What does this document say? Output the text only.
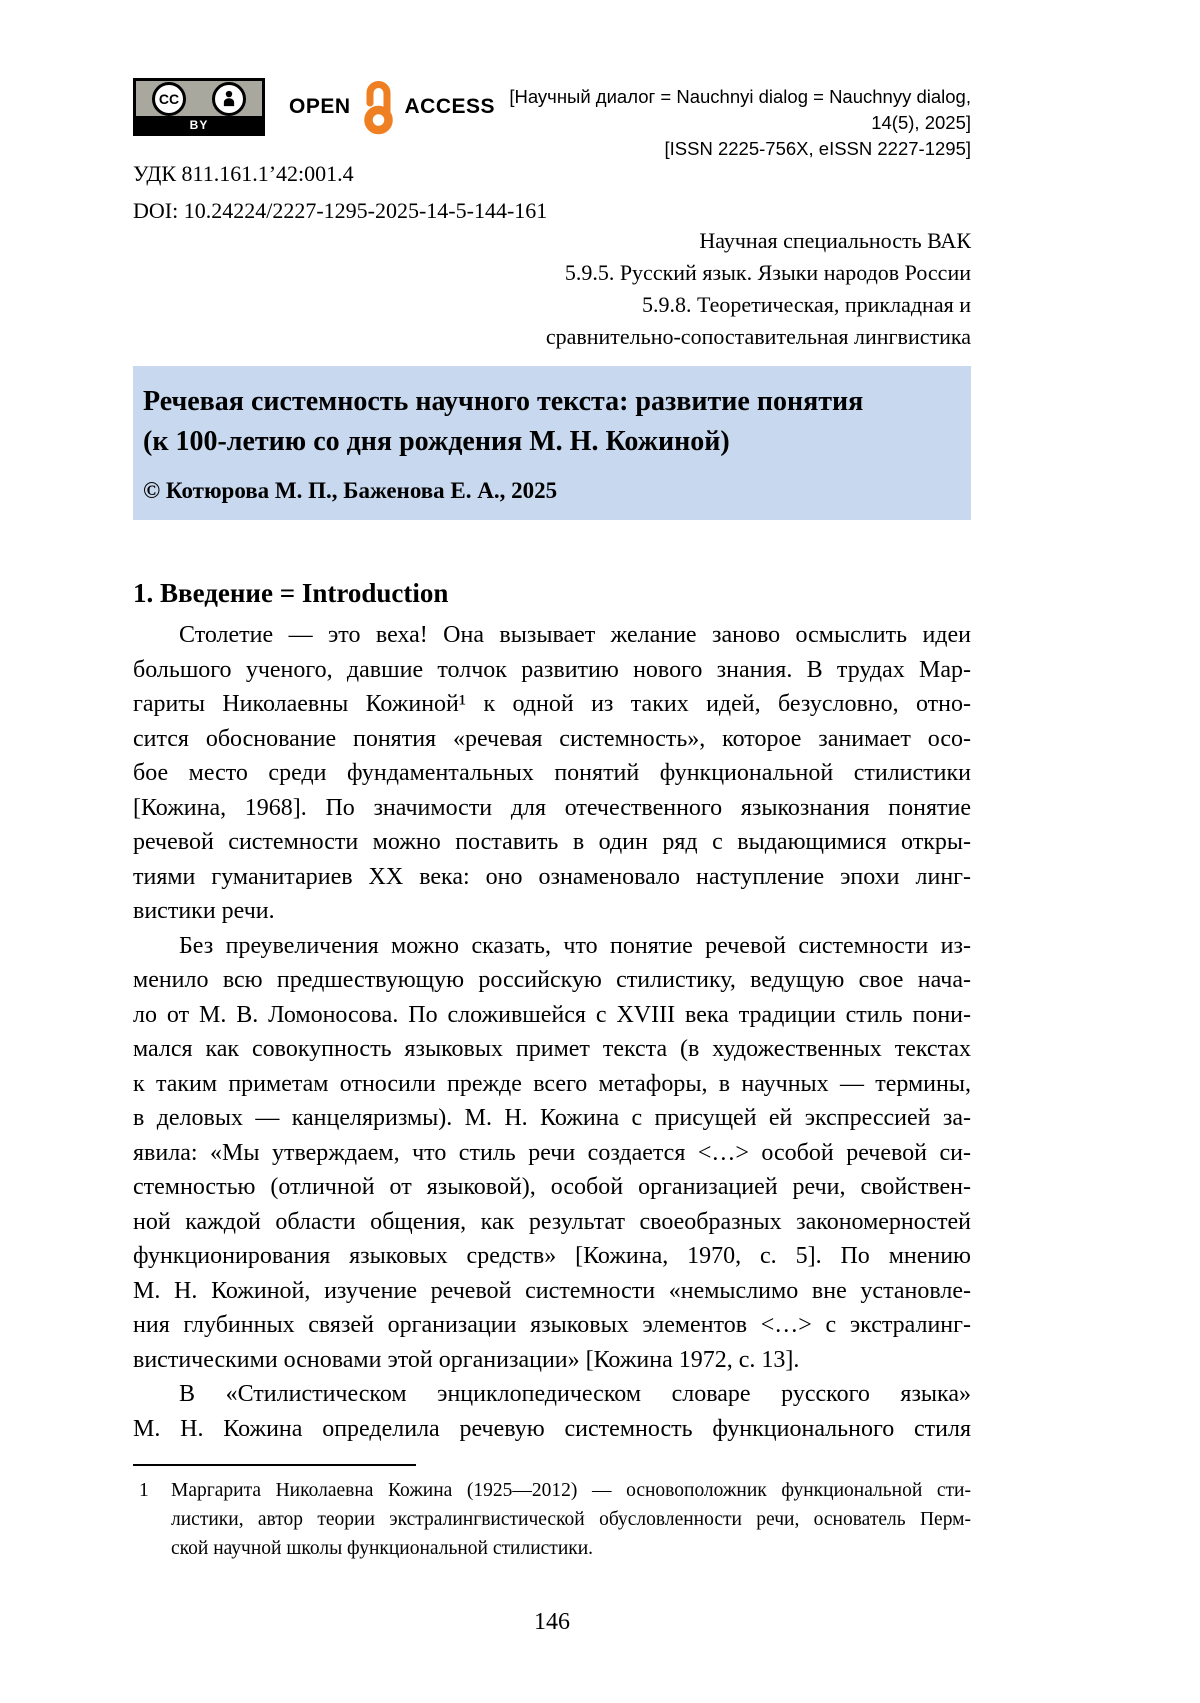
CC
BY
OPEN	ACCESS [Научный диалог = Nauchnyi dialog = Nauchnyy dialog, 14(5), 2025]
[ISSN 2225-756X, eISSN 2227-1295]
УДК 811.161.1’42:001.4
DOI: 10.24224/2227-1295-2025-14-5-144-161
Научная специальность ВАК
5.9.5. Русский язык. Языки народов России
5.9.8. Теоретическая, прикладная и
сравнительно-сопоставительная лингвистика
Речевая системность научного текста: развитие понятия
(к 100-летию со дня рождения М. Н. Кожиной)
© Котюрова М. П., Баженова Е. А., 2025
1. Введение = Introduction
Столетие — это веха! Она вызывает желание заново осмыслить идеи
большого ученого, давшие толчок развитию нового знания. В трудах Мар-
гариты Николаевны Кожиной¹ к одной из таких идей, безусловно, отно-
сится обоснование понятия «речевая системность», которое занимает осо-
бое место среди фундаментальных понятий функциональной стилистики
[Кожина, 1968]. По значимости для отечественного языкознания понятие
речевой системности можно поставить в один ряд с выдающимися откры-
тиями гуманитариев XX века: оно ознаменовало наступление эпохи линг-
вистики речи.
Без преувеличения можно сказать, что понятие речевой системности из-
менило всю предшествующую российскую стилистику, ведущую свое нача-
ло от М. В. Ломоносова. По сложившейся с XVIII века традиции стиль пони-
мался как совокупность языковых примет текста (в художественных текстах
к таким приметам относили прежде всего метафоры, в научных — термины,
в деловых — канцеляризмы). М. Н. Кожина с присущей ей экспрессией за-
явила: «Мы утверждаем, что стиль речи создается <…> особой речевой си-
стемностью (отличной от языковой), особой организацией речи, свойствен-
ной каждой области общения, как результат своеобразных закономерностей
функционирования языковых средств» [Кожина, 1970, с. 5]. По мнению
М. Н. Кожиной, изучение речевой системности «немыслимо вне установле-
ния глубинных связей организации языковых элементов <…> с экстралинг-
вистическими основами этой организации» [Кожина 1972, с. 13].
В «Стилистическом энциклопедическом словаре русского языка»
М. Н. Кожина определила речевую системность функционального стиля
1 Маргарита Николаевна Кожина (1925—2012) — основоположник функциональной сти-
листики, автор теории экстралингвистической обусловленности речи, основатель Перм-
ской научной школы функциональной стилистики.
146
